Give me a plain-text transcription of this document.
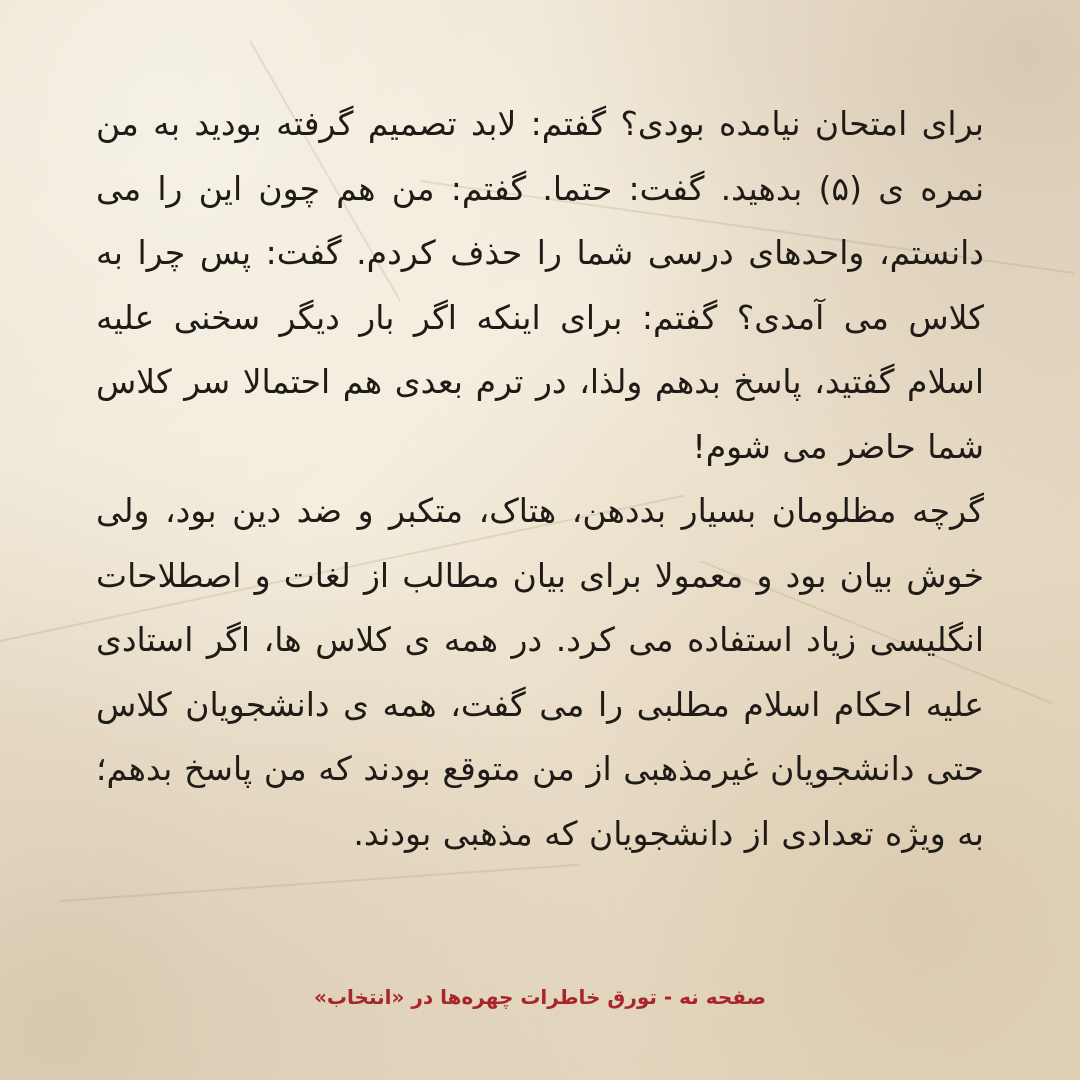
برای امتحان نیامده بودی؟ گفتم: لابد تصمیم گرفته بودید به من نمره ی (۵) بدهید. گفت: حتما. گفتم: من هم چون این را می دانستم، واحدهای درسی شما را حذف کردم. گفت: پس چرا به کلاس می آمدی؟ گفتم: برای اینکه اگر بار دیگر سخنی علیه اسلام گفتید، پاسخ بدهم ولذا، در ترم بعدی هم احتمالا سر کلاس شما حاضر می شوم!

گرچه مظلومان بسیار بددهن، هتاک، متکبر و ضد دین بود، ولی خوش بیان بود و معمولا برای بیان مطالب از لغات و اصطلاحات انگلیسی زیاد استفاده می کرد. در همه ی کلاس ها، اگر استادی علیه احکام اسلام مطلبی را می گفت، همه ی دانشجویان کلاس حتی دانشجویان غیرمذهبی از من متوقع بودند که من پاسخ بدهم؛ به ویژه تعدادی از دانشجویان که مذهبی بودند.

صفحه نه - تورق خاطرات چهره‌ها در «انتخاب»
